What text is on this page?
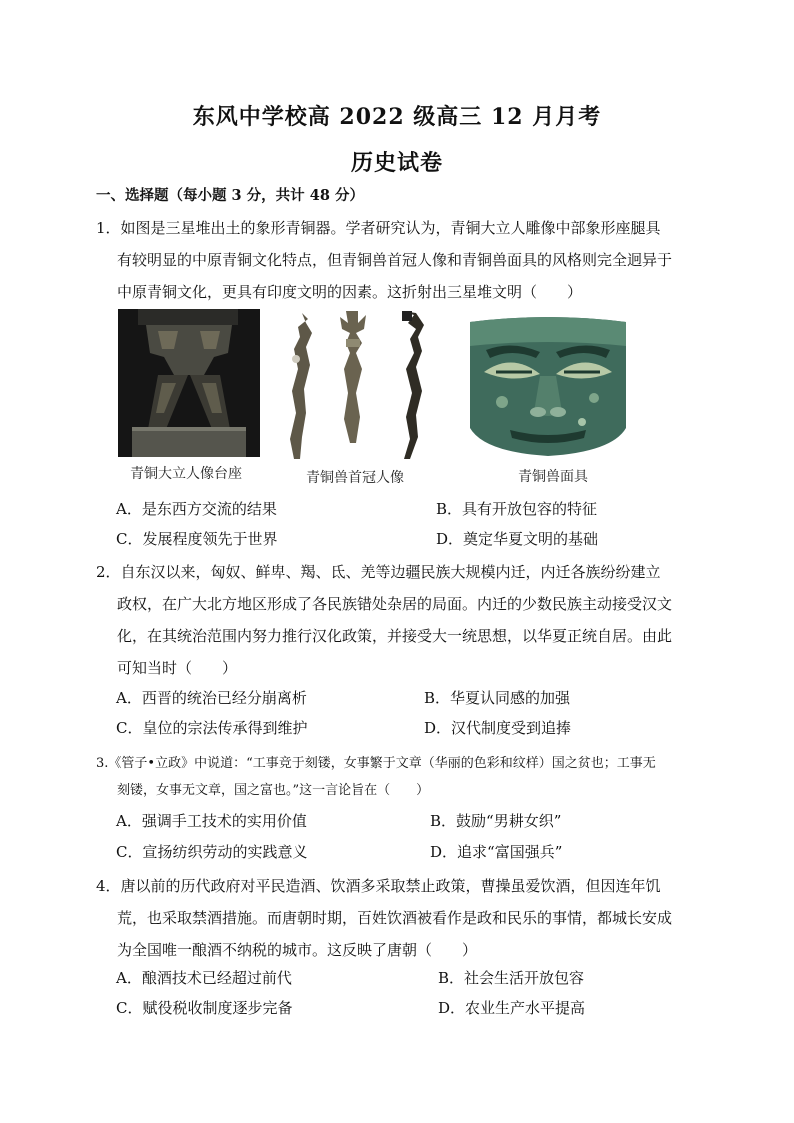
东风中学校高 2022 级高三 12 月月考
历史试卷
一、选择题（每小题 3 分，共计 48 分）
1．如图是三星堆出土的象形青铜器。学者研究认为，青铜大立人雕像中部象形座腿具
有较明显的中原青铜文化特点，但青铜兽首冠人像和青铜兽面具的风格则完全迥异于
中原青铜文化，更具有印度文明的因素。这折射出三星堆文明（　　）
青铜大立人像台座	青铜兽首冠人像	青铜兽面具
A．是东西方交流的结果	B．具有开放包容的特征
C．发展程度领先于世界	D．奠定华夏文明的基础
2．自东汉以来，匈奴、鲜卑、羯、氐、羌等边疆民族大规模内迁，内迁各族纷纷建立
政权，在广大北方地区形成了各民族错处杂居的局面。内迁的少数民族主动接受汉文
化，在其统治范围内努力推行汉化政策，并接受大一统思想，以华夏正统自居。由此
可知当时（　　）
A．西晋的统治已经分崩离析	B．华夏认同感的加强
C．皇位的宗法传承得到维护	D．汉代制度受到追捧
3.《管子•立政》中说道：“工事竞于刻镂，女事繁于文章（华丽的色彩和纹样）国之贫也；工事无
刻镂，女事无文章，国之富也。”这一言论旨在（　　）
A．强调手工技术的实用价值	B．鼓励“男耕女织”
C．宣扬纺织劳动的实践意义	D．追求“富国强兵”
4．唐以前的历代政府对平民造酒、饮酒多采取禁止政策，曹操虽爱饮酒，但因连年饥
荒，也采取禁酒措施。而唐朝时期，百姓饮酒被看作是政和民乐的事情，都城长安成
为全国唯一酿酒不纳税的城市。这反映了唐朝（　　）
A．酿酒技术已经超过前代	B．社会生活开放包容
C．赋役税收制度逐步完备	D．农业生产水平提高
